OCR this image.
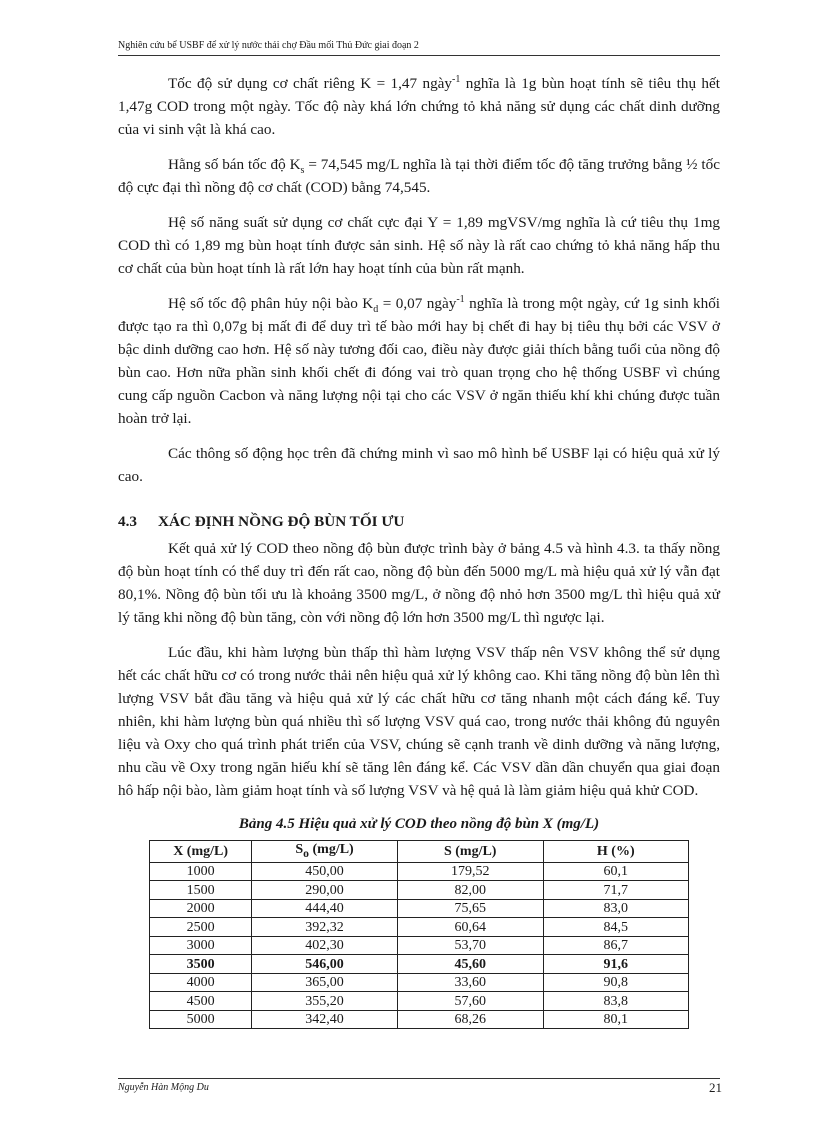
Nghiên cứu bể USBF để xử lý nước thải chợ Đầu mối Thủ Đức giai đoạn 2

Tốc độ sử dụng cơ chất riêng K = 1,47 ngày$^{-1}$ nghĩa là 1g bùn hoạt tính sẽ tiêu thụ hết 1,47g COD trong một ngày. Tốc độ này khá lớn chứng tỏ khả năng sử dụng các chất dinh dưỡng của vi sinh vật là khá cao.

Hằng số bán tốc độ $K_s = 74,545$ mg/L nghĩa là tại thời điểm tốc độ tăng trưởng bằng ½ tốc độ cực đại thì nồng độ cơ chất (COD) bằng 74,545.

Hệ số năng suất sử dụng cơ chất cực đại Y = 1,89 mgVSV/mg nghĩa là cứ tiêu thụ 1mg COD thì có 1,89 mg bùn hoạt tính được sản sinh. Hệ số này là rất cao chứng tỏ khả năng hấp thu cơ chất của bùn hoạt tính là rất lớn hay hoạt tính của bùn rất mạnh.

Hệ số tốc độ phân hủy nội bào $K_d = 0,07$ ngày$^{-1}$ nghĩa là trong một ngày, cứ 1g sinh khối được tạo ra thì 0,07g bị mất đi để duy trì tế bào mới hay bị chết đi hay bị tiêu thụ bởi các VSV ở bậc dinh dưỡng cao hơn. Hệ số này tương đối cao, điều này được giải thích bằng tuổi của nồng độ bùn cao. Hơn nữa phần sinh khối chết đi đóng vai trò quan trọng cho hệ thống USBF vì chúng cung cấp nguồn Cacbon và năng lượng nội tại cho các VSV ở ngăn thiếu khí khi chúng được tuần hoàn trở lại.

Các thông số động học trên đã chứng minh vì sao mô hình bể USBF lại có hiệu quả xử lý cao.

4.3 XÁC ĐỊNH NỒNG ĐỘ BÙN TỐI ƯU

Kết quả xử lý COD theo nồng độ bùn được trình bày ở bảng 4.5 và hình 4.3. ta thấy nồng độ bùn hoạt tính có thể duy trì đến rất cao, nồng độ bùn đến 5000 mg/L mà hiệu quả xử lý vẫn đạt 80,1%. Nồng độ bùn tối ưu là khoảng 3500 mg/L, ở nồng độ nhỏ hơn 3500 mg/L thì hiệu quả xử lý tăng khi nồng độ bùn tăng, còn với nồng độ lớn hơn 3500 mg/L thì ngược lại.

Lúc đầu, khi hàm lượng bùn thấp thì hàm lượng VSV thấp nên VSV không thể sử dụng hết các chất hữu cơ có trong nước thải nên hiệu quả xử lý không cao. Khi tăng nồng độ bùn lên thì lượng VSV bắt đầu tăng và hiệu quả xử lý các chất hữu cơ tăng nhanh một cách đáng kể. Tuy nhiên, khi hàm lượng bùn quá nhiều thì số lượng VSV quá cao, trong nước thải không đủ nguyên liệu và Oxy cho quá trình phát triển của VSV, chúng sẽ cạnh tranh về dinh dưỡng và năng lượng, nhu cầu về Oxy trong ngăn hiếu khí sẽ tăng lên đáng kể. Các VSV dần dần chuyển qua giai đoạn hô hấp nội bào, làm giảm hoạt tính và số lượng VSV và hệ quả là làm giảm hiệu quả khử COD.

Bảng 4.5 Hiệu quả xử lý COD theo nồng độ bùn X (mg/L)
X (mg/L)	$S_o$ (mg/L)	S (mg/L)	H (%)
1000	450,00	179,52	60,1
1500	290,00	82,00	71,7
2000	444,40	75,65	83,0
2500	392,32	60,64	84,5
3000	402,30	53,70	86,7
3500	546,00	45,60	91,6
4000	365,00	33,60	90,8
4500	355,20	57,60	83,8
5000	342,40	68,26	80,1
Nguyễn Hàn Mộng Du	21
